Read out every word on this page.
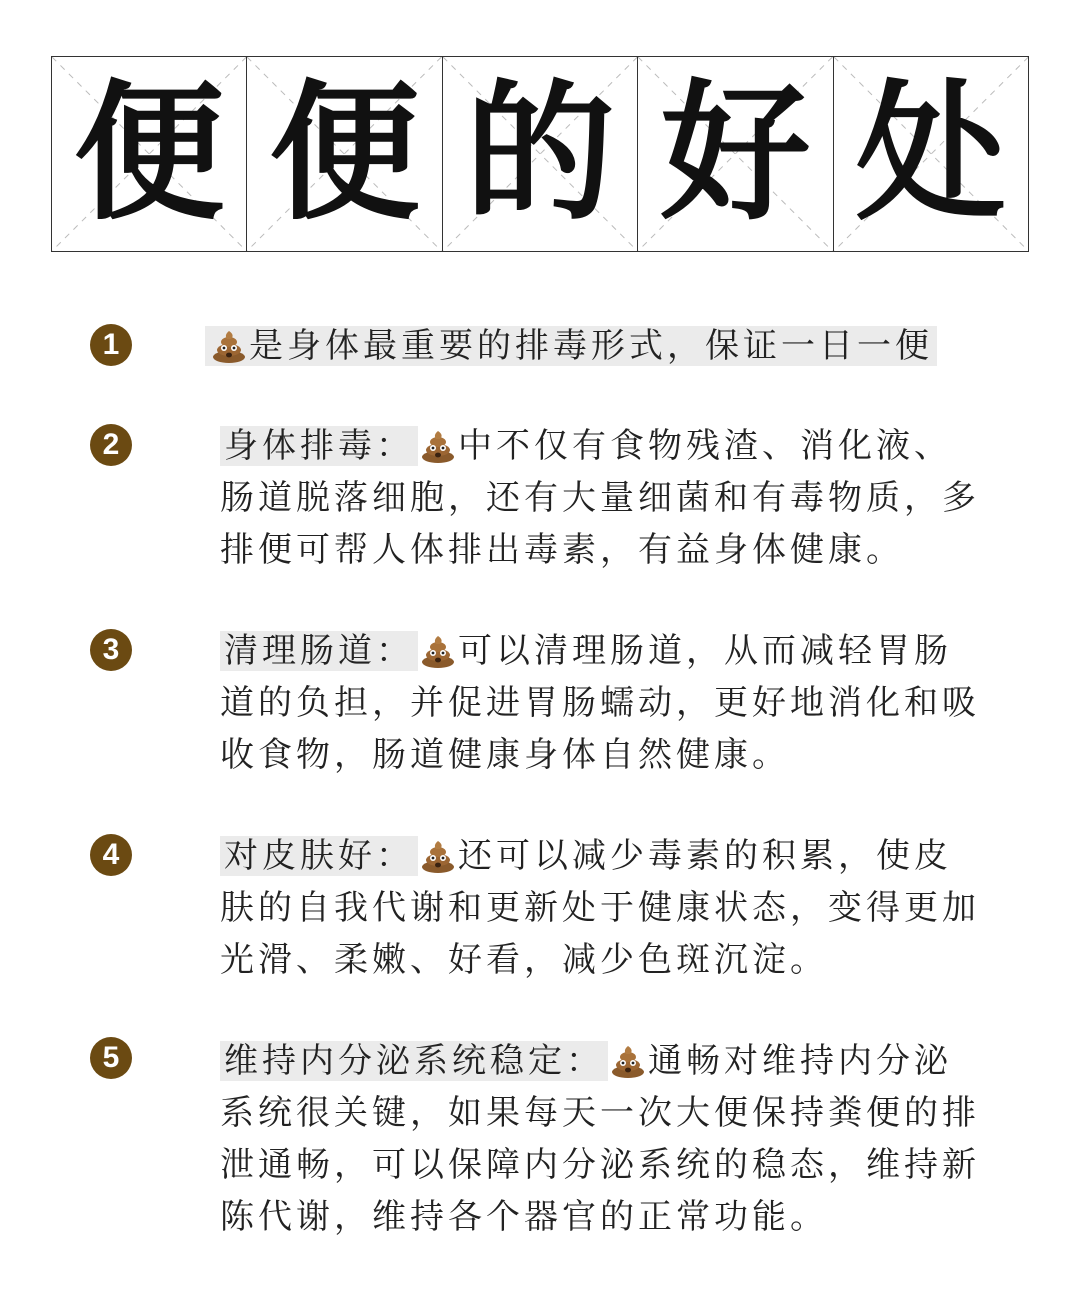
便 便 的 好 处
1	是身体最重要的排毒形式，保证一日一便
2	身体排毒： 中不仅有食物残渣、消化液、肠道脱落细胞，还有大量细菌和有毒物质，多排便可帮人体排出毒素，有益身体健康。
3	清理肠道： 可以清理肠道，从而减轻胃肠道的负担，并促进胃肠蠕动，更好地消化和吸收食物，肠道健康身体自然健康。
4	对皮肤好： 还可以减少毒素的积累，使皮肤的自我代谢和更新处于健康状态，变得更加光滑、柔嫩、好看，减少色斑沉淀。
5	维持内分泌系统稳定： 通畅对维持内分泌系统很关键，如果每天一次大便保持粪便的排泄通畅，可以保障内分泌系统的稳态，维持新陈代谢，维持各个器官的正常功能。
